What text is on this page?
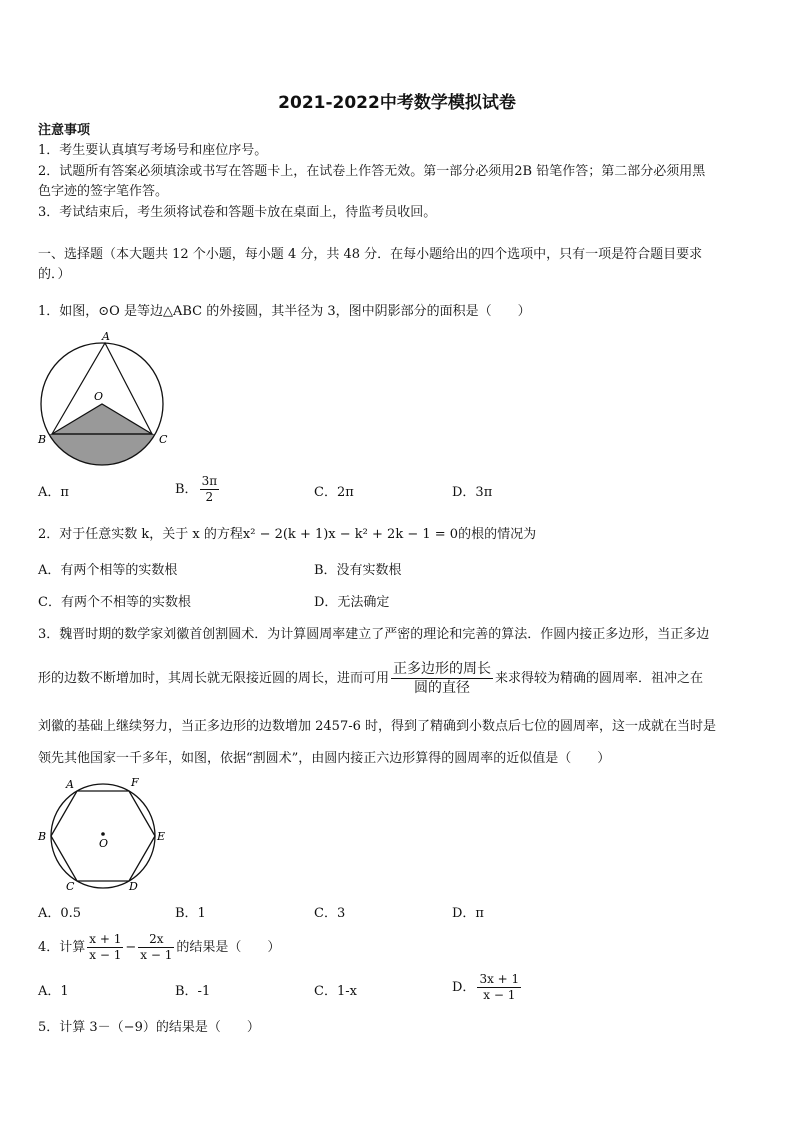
2021-2022中考数学模拟试卷
注意事项
1．考生要认真填写考场号和座位序号。
2．试题所有答案必须填涂或书写在答题卡上，在试卷上作答无效。第一部分必须用2B 铅笔作答；第二部分必须用黑
色字迹的签字笔作答。
3．考试结束后，考生须将试卷和答题卡放在桌面上，待监考员收回。
一、选择题（本大题共 12 个小题，每小题 4 分，共 48 分．在每小题给出的四个选项中，只有一项是符合题目要求
的．）
1．如图，⊙O 是等边△ABC 的外接圆，其半径为 3，图中阴影部分的面积是（　　）
A
O
B	C
A．π	B． $\frac{3\pi}{2}$	C．2π	D．3π
2．对于任意实数 k，关于 x 的方程x² − 2(k + 1)x − k² + 2k − 1 = 0的根的情况为
A．有两个相等的实数根	B．没有实数根
C．有两个不相等的实数根	D．无法确定
3．魏晋时期的数学家刘徽首创割圆术．为计算圆周率建立了严密的理论和完善的算法．作圆内接正多边形，当正多边
形的边数不断增加时，其周长就无限接近圆的周长，进而可用 $\frac{\text{正多边形的周长}}{\text{圆的直径}}$ 来求得较为精确的圆周率．祖冲之在
刘徽的基础上继续努力，当正多边形的边数增加 2457-6 时，得到了精确到小数点后七位的圆周率，这一成就在当时是
领先其他国家一千多年，如图，依据“割圆术”，由圆内接正六边形算得的圆周率的近似值是（　　）
A	F
B	E
O
C	D
A．0.5	B．1	C．3	D．π
4．计算 $\frac{x + 1}{x - 1} - \frac{2x}{x - 1}$ 的结果是（　　）
A．1	B．-1	C．1-x	D． $\frac{3x + 1}{x - 1}$
5．计算 3－（−9）的结果是（　　）
